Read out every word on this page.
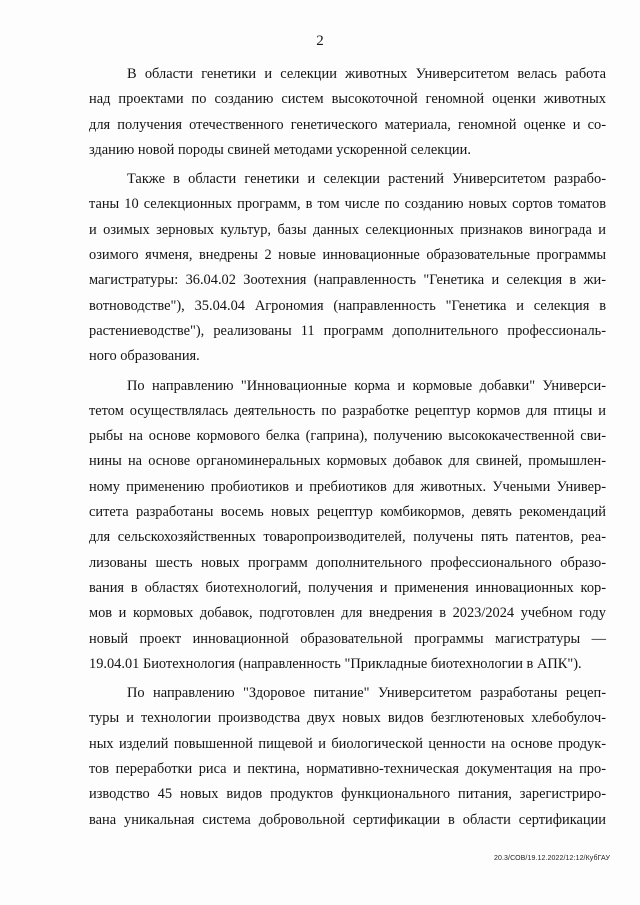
2

В области генетики и селекции животных Университетом велась работа
над проектами по созданию систем высокоточной геномной оценки животных
для получения отечественного генетического материала, геномной оценке и со-
зданию новой породы свиней методами ускоренной селекции.

Также в области генетики и селекции растений Университетом разрабо-
таны 10 селекционных программ, в том числе по созданию новых сортов томатов
и озимых зерновых культур, базы данных селекционных признаков винограда и
озимого ячменя, внедрены 2 новые инновационные образовательные программы
магистратуры: 36.04.02 Зоотехния (направленность "Генетика и селекция в жи-
вотноводстве"), 35.04.04 Агрономия (направленность "Генетика и селекция в
растениеводстве"), реализованы 11 программ дополнительного профессиональ-
ного образования.

По направлению "Инновационные корма и кормовые добавки" Универси-
тетом осуществлялась деятельность по разработке рецептур кормов для птицы и
рыбы на основе кормового белка (гаприна), получению высококачественной сви-
нины на основе органоминеральных кормовых добавок для свиней, промышлен-
ному применению пробиотиков и пребиотиков для животных. Учеными Универ-
ситета разработаны восемь новых рецептур комбикормов, девять рекомендаций
для сельскохозяйственных товаропроизводителей, получены пять патентов, реа-
лизованы шесть новых программ дополнительного профессионального образо-
вания в областях биотехнологий, получения и применения инновационных кор-
мов и кормовых добавок, подготовлен для внедрения в 2023/2024 учебном году
новый проект инновационной образовательной программы магистратуры —
19.04.01 Биотехнология (направленность "Прикладные биотехнологии в АПК").

По направлению "Здоровое питание" Университетом разработаны рецеп-
туры и технологии производства двух новых видов безглютеновых хлебобулоч-
ных изделий повышенной пищевой и биологической ценности на основе продук-
тов переработки риса и пектина, нормативно-техническая документация на про-
изводство 45 новых видов продуктов функционального питания, зарегистриро-
вана уникальная система добровольной сертификации в области сертификации

20.3/СОВ/19.12.2022/12:12/КубГАУ
